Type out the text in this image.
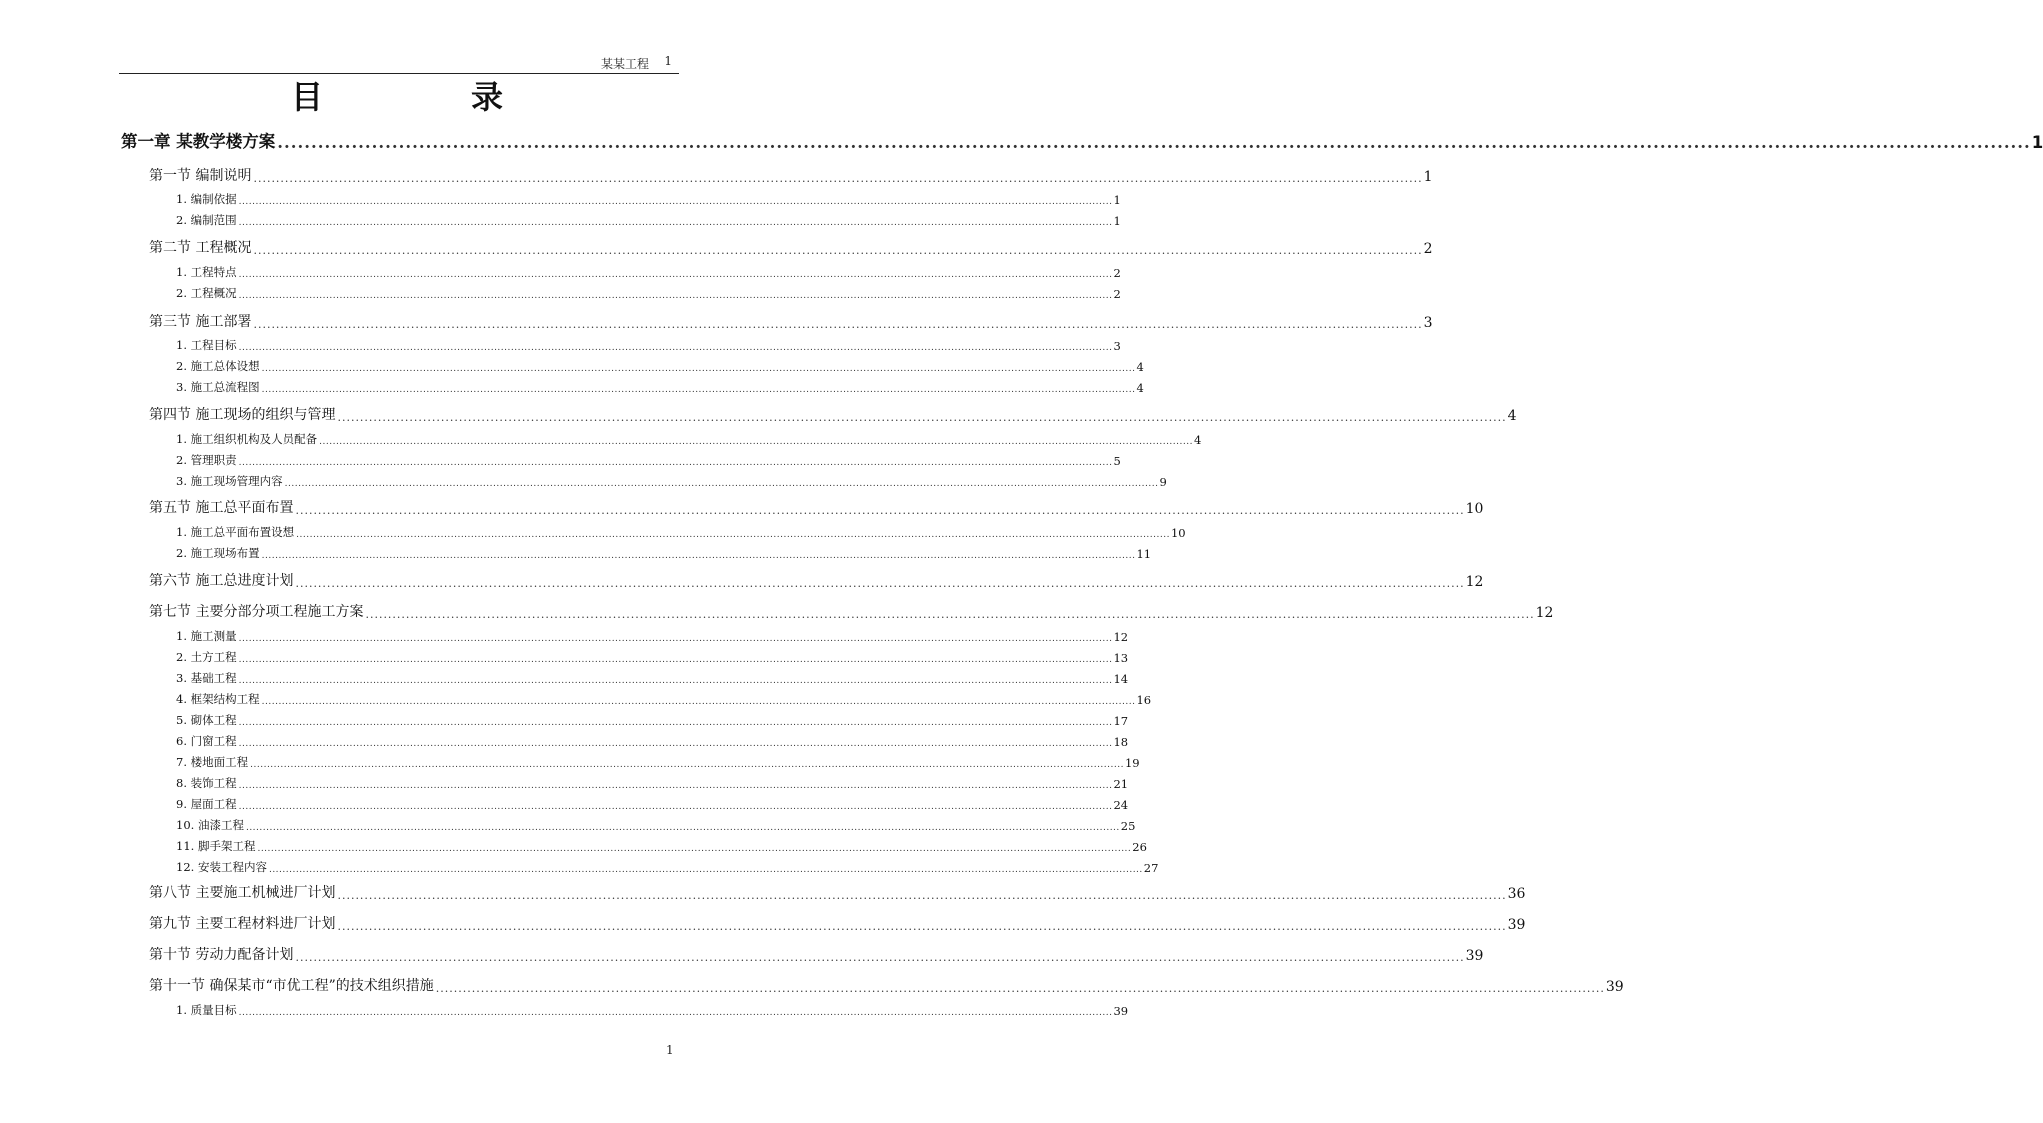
某某工程 1
目　录
第一章 某教学楼方案 .................................................................................................................................................................................................................................................................... 1
第一节 编制说明 .................................................................................................................................................................................................................................................................... 1
1. 编制依据 .................................................................................................................................................................................................................................................................... 1
2. 编制范围 .................................................................................................................................................................................................................................................................... 1
第二节 工程概况 .................................................................................................................................................................................................................................................................... 2
1. 工程特点 .................................................................................................................................................................................................................................................................... 2
2. 工程概况 .................................................................................................................................................................................................................................................................... 2
第三节 施工部署 .................................................................................................................................................................................................................................................................... 3
1. 工程目标 .................................................................................................................................................................................................................................................................... 3
2. 施工总体设想 .................................................................................................................................................................................................................................................................... 4
3. 施工总流程图 .................................................................................................................................................................................................................................................................... 4
第四节 施工现场的组织与管理 .................................................................................................................................................................................................................................................................... 4
1. 施工组织机构及人员配备 .................................................................................................................................................................................................................................................................... 4
2. 管理职责 .................................................................................................................................................................................................................................................................... 5
3. 施工现场管理内容 .................................................................................................................................................................................................................................................................... 9
第五节 施工总平面布置 .................................................................................................................................................................................................................................................................... 10
1. 施工总平面布置设想 .................................................................................................................................................................................................................................................................... 10
2. 施工现场布置 .................................................................................................................................................................................................................................................................... 11
第六节 施工总进度计划 .................................................................................................................................................................................................................................................................... 12
第七节 主要分部分项工程施工方案 .................................................................................................................................................................................................................................................................... 12
1. 施工测量 .................................................................................................................................................................................................................................................................... 12
2. 土方工程 .................................................................................................................................................................................................................................................................... 13
3. 基础工程 .................................................................................................................................................................................................................................................................... 14
4. 框架结构工程 .................................................................................................................................................................................................................................................................... 16
5. 砌体工程 .................................................................................................................................................................................................................................................................... 17
6. 门窗工程 .................................................................................................................................................................................................................................................................... 18
7. 楼地面工程 .................................................................................................................................................................................................................................................................... 19
8. 装饰工程 .................................................................................................................................................................................................................................................................... 21
9. 屋面工程 .................................................................................................................................................................................................................................................................... 24
10. 油漆工程 .................................................................................................................................................................................................................................................................... 25
11. 脚手架工程 .................................................................................................................................................................................................................................................................... 26
12. 安装工程内容 .................................................................................................................................................................................................................................................................... 27
第八节 主要施工机械进厂计划 .................................................................................................................................................................................................................................................................... 36
第九节 主要工程材料进厂计划 .................................................................................................................................................................................................................................................................... 39
第十节 劳动力配备计划 .................................................................................................................................................................................................................................................................... 39
第十一节 确保某市“市优工程”的技术组织措施 .................................................................................................................................................................................................................................................................... 39
1. 质量目标 .................................................................................................................................................................................................................................................................... 39
1
